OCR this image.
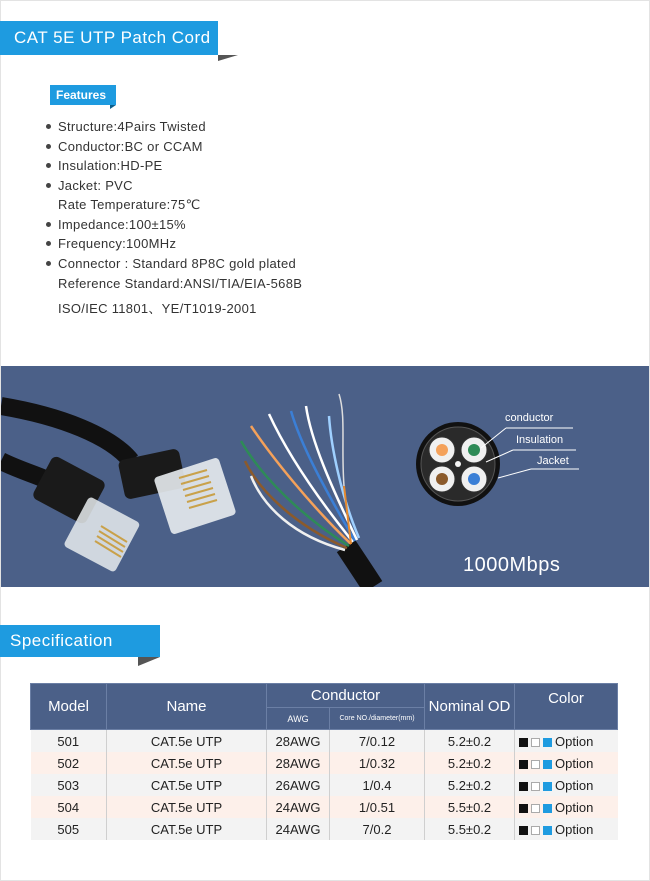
CAT 5E UTP Patch Cord
Features
Structure:4Pairs Twisted
Conductor:BC or CCAM
Insulation:HD-PE
Jacket: PVC
Rate Temperature:75℃
Impedance:100±15%
Frequency:100MHz
Connector : Standard 8P8C gold plated
Reference Standard:ANSI/TIA/EIA-568B
ISO/IEC 11801、YE/T1019-2001
conductor
Insulation
Jacket
1000Mbps
Specification
Model	Name	Conductor		Nominal OD	Color
		AWG	Core NO./diameter(mm)		
501	CAT.5e UTP	28AWG	7/0.12	5.2±0.2	Option
502	CAT.5e UTP	28AWG	1/0.32	5.2±0.2	Option
503	CAT.5e UTP	26AWG	1/0.4	5.2±0.2	Option
504	CAT.5e UTP	24AWG	1/0.51	5.5±0.2	Option
505	CAT.5e UTP	24AWG	7/0.2	5.5±0.2	Option
